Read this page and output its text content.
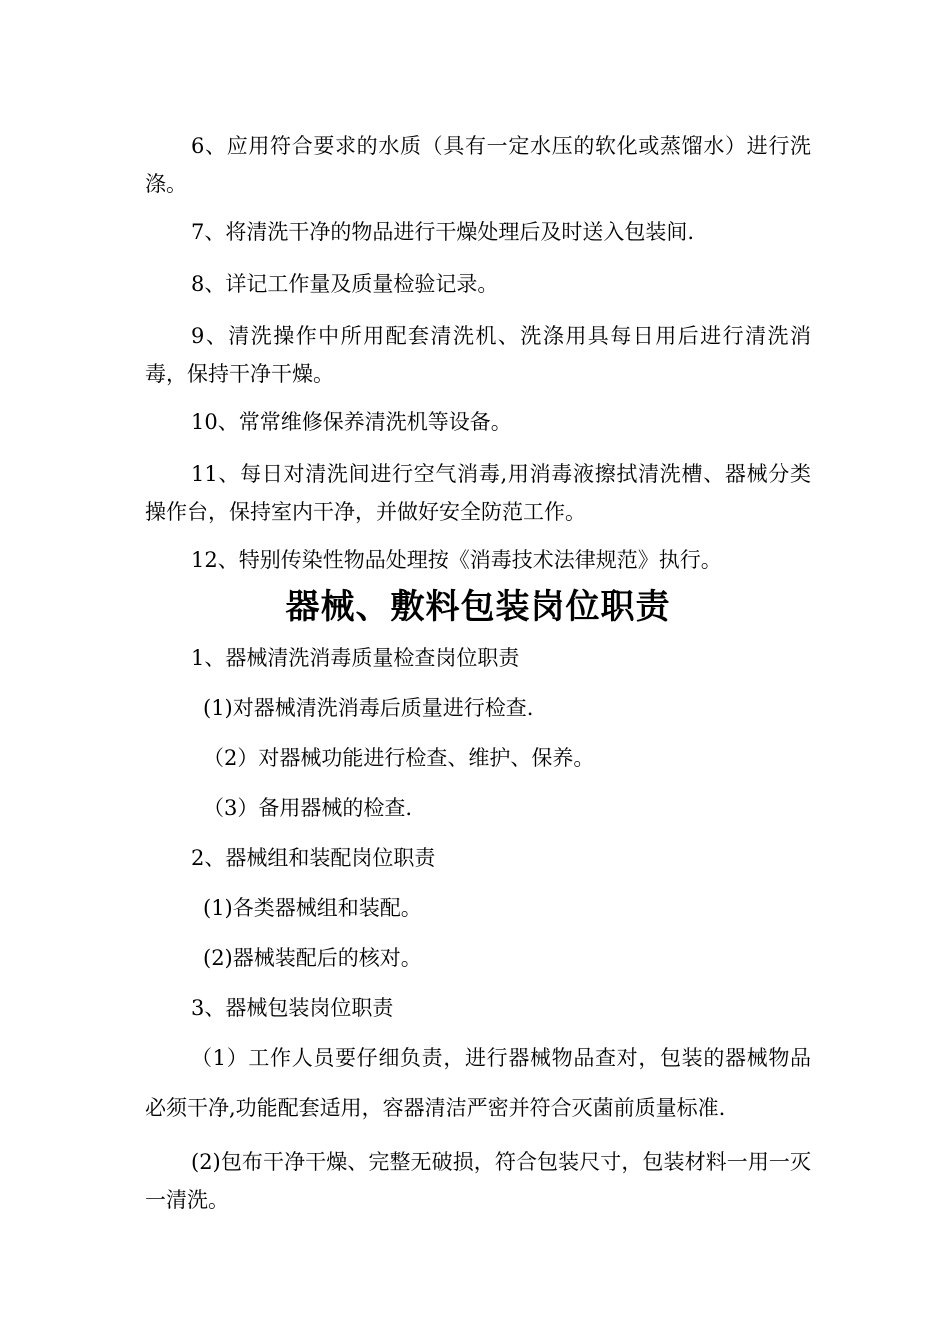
6、应用符合要求的水质（具有一定水压的软化或蒸馏水）进行洗涤。

7、将清洗干净的物品进行干燥处理后及时送入包装间.

8、详记工作量及质量检验记录。

9、清洗操作中所用配套清洗机、洗涤用具每日用后进行清洗消毒，保持干净干燥。

10、常常维修保养清洗机等设备。

11、每日对清洗间进行空气消毒,用消毒液擦拭清洗槽、器械分类操作台，保持室内干净，并做好安全防范工作。

12、特别传染性物品处理按《消毒技术法律规范》执行。

器械、敷料包装岗位职责

1、器械清洗消毒质量检查岗位职责

(1)对器械清洗消毒后质量进行检查.

（2）对器械功能进行检查、维护、保养。

（3）备用器械的检查.

2、器械组和装配岗位职责

(1)各类器械组和装配。

(2)器械装配后的核对。

3、器械包装岗位职责

（1）工作人员要仔细负责，进行器械物品查对，包装的器械物品必须干净,功能配套适用，容器清洁严密并符合灭菌前质量标准.

(2)包布干净干燥、完整无破损，符合包装尺寸，包装材料一用一灭一清洗。
